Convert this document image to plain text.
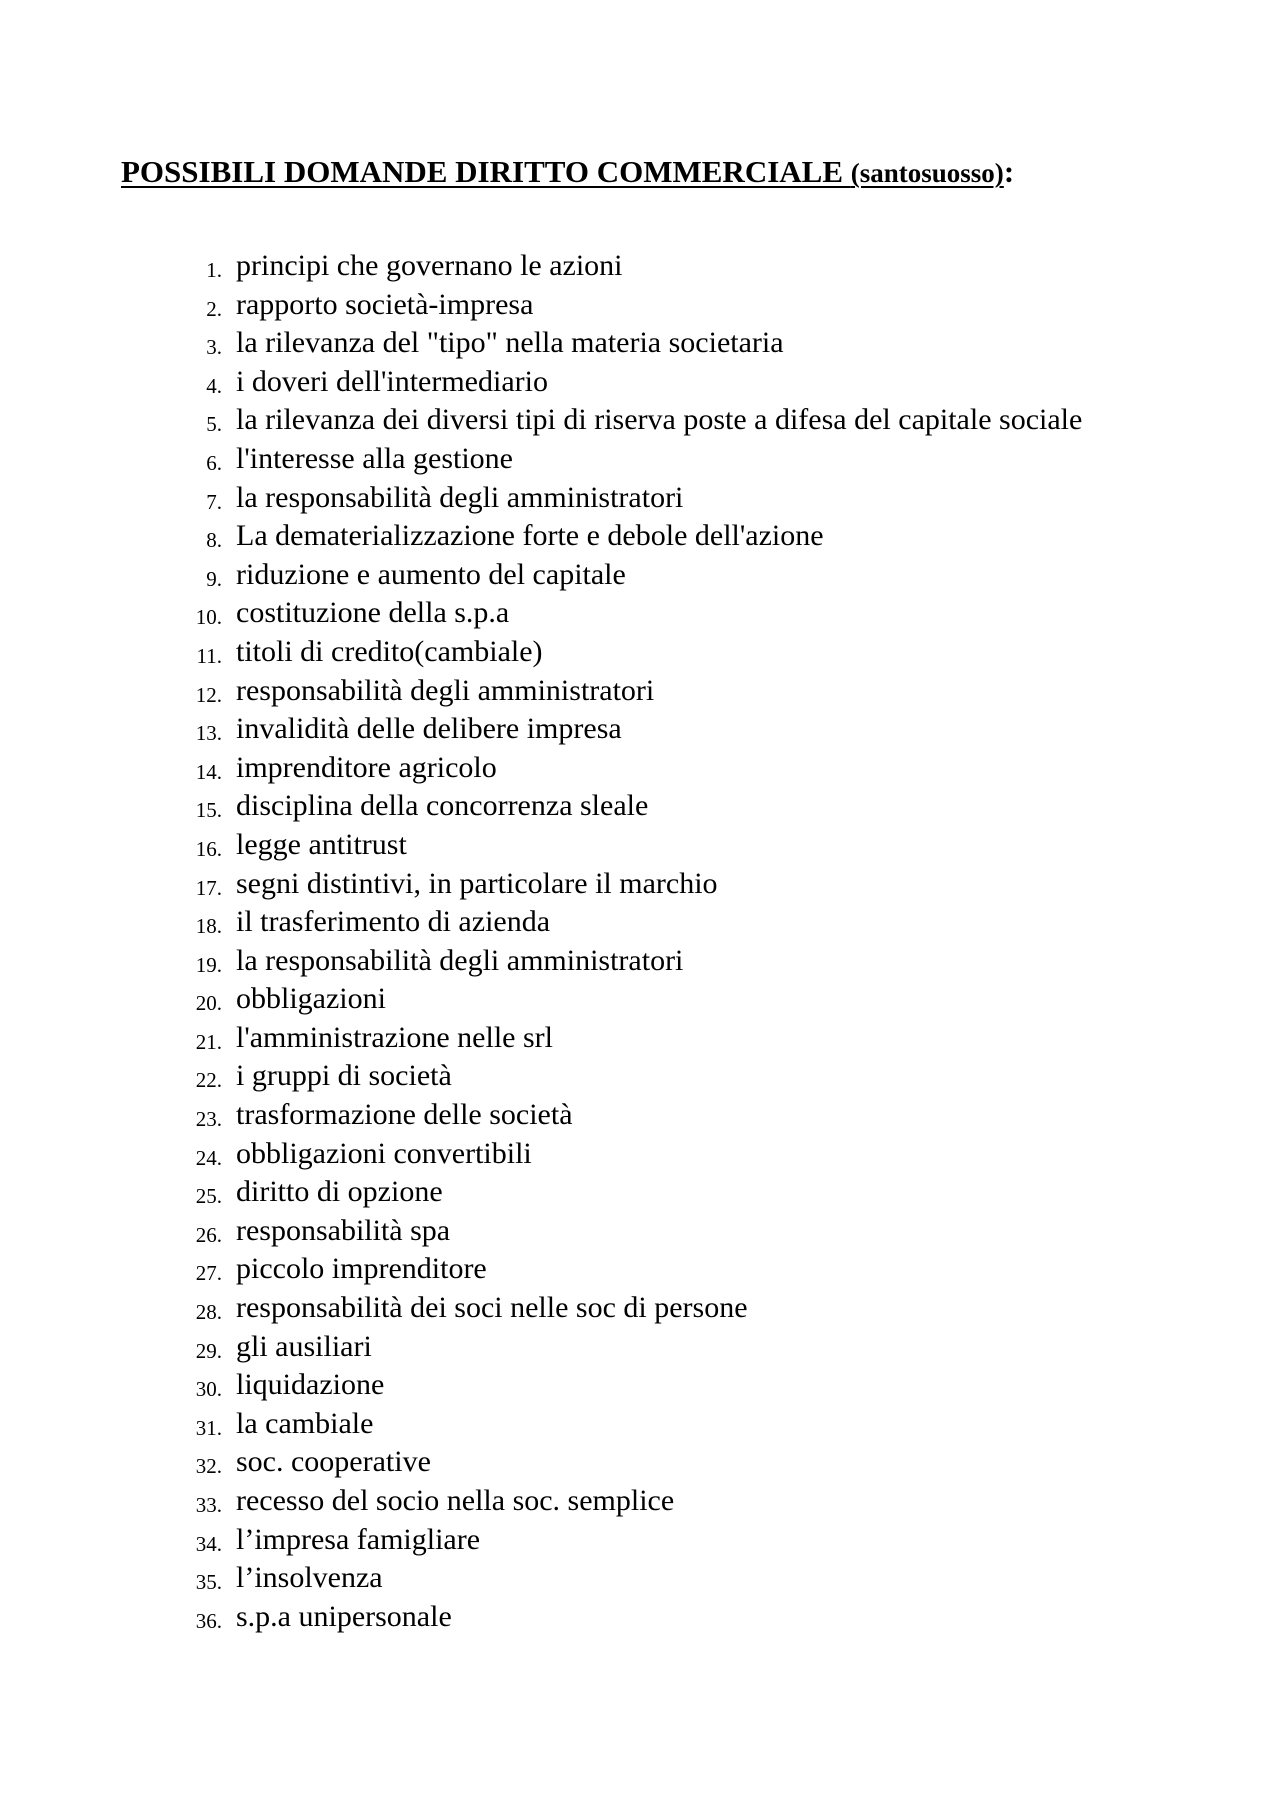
POSSIBILI DOMANDE DIRITTO COMMERCIALE (santosuosso):
1. principi che governano le azioni
2. rapporto società-impresa
3. la rilevanza del "tipo" nella materia societaria
4. i doveri dell'intermediario
5. la rilevanza dei diversi tipi di riserva poste a difesa del capitale sociale
6. l'interesse alla gestione
7. la responsabilità degli amministratori
8. La dematerializzazione forte e debole dell'azione
9. riduzione e aumento del capitale
10. costituzione della s.p.a
11. titoli di credito(cambiale)
12. responsabilità degli amministratori
13. invalidità delle delibere impresa
14. imprenditore agricolo
15. disciplina della concorrenza sleale
16. legge antitrust
17. segni distintivi, in particolare il marchio
18. il trasferimento di azienda
19. la responsabilità degli amministratori
20. obbligazioni
21. l'amministrazione nelle srl
22. i gruppi di società
23. trasformazione delle società
24. obbligazioni convertibili
25. diritto di opzione
26. responsabilità spa
27. piccolo imprenditore
28. responsabilità dei soci nelle soc di persone
29. gli ausiliari
30. liquidazione
31. la cambiale
32. soc. cooperative
33. recesso del socio nella soc. semplice
34. l’impresa famigliare
35. l’insolvenza
36. s.p.a unipersonale
